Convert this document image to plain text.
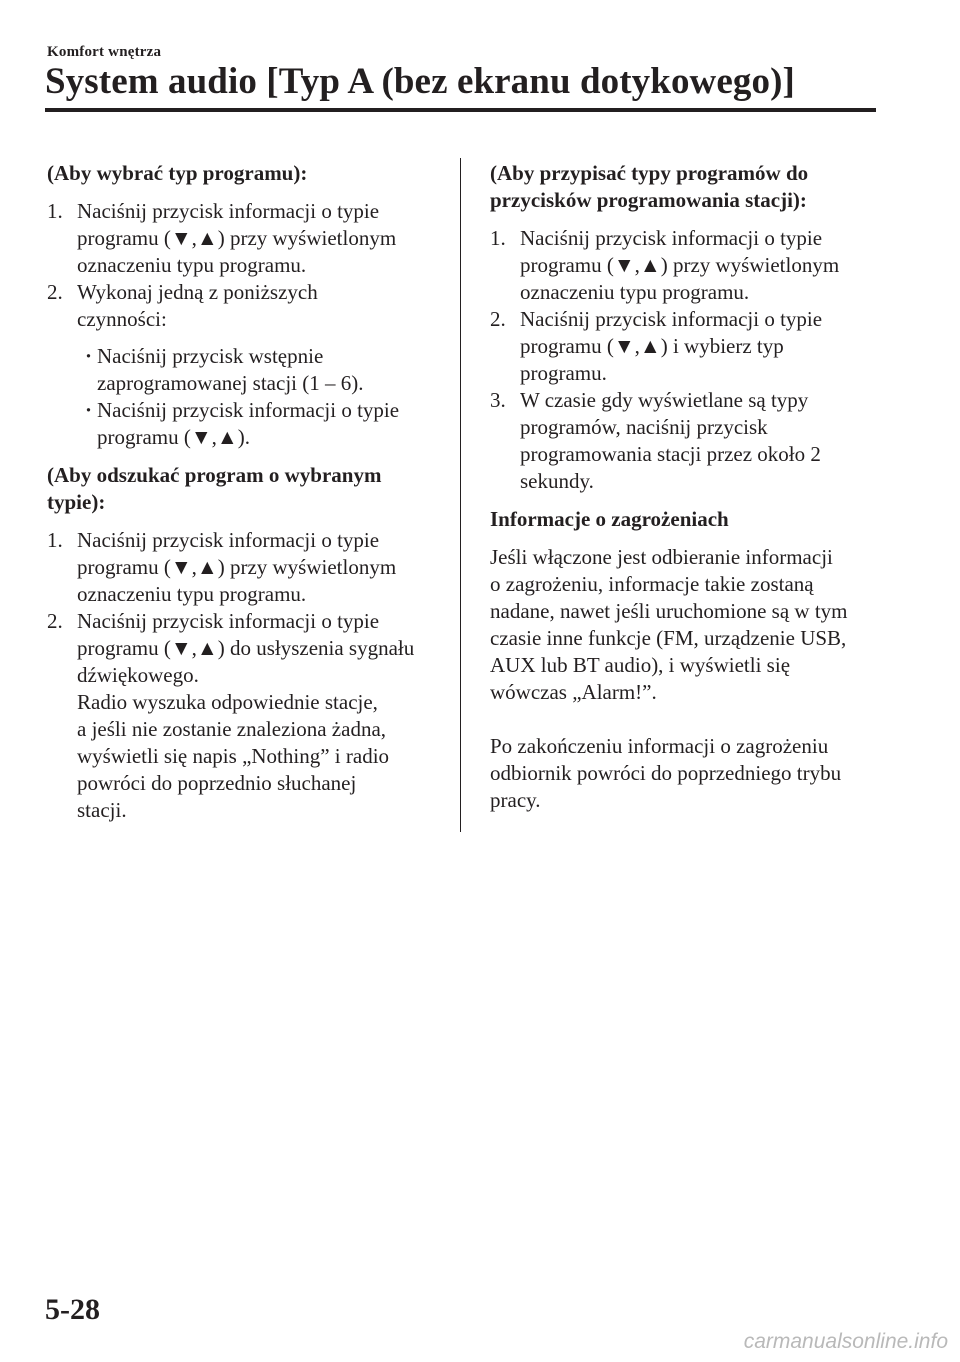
Komfort wnętrza
System audio [Typ A (bez ekranu dotykowego)]
(Aby wybrać typ programu):
1. Naciśnij przycisk informacji o typie
programu (▼,▲) przy wyświetlonym
oznaczeniu typu programu.
2. Wykonaj jedną z poniższych
czynności:
· Naciśnij przycisk wstępnie
zaprogramowanej stacji (1 – 6).
· Naciśnij przycisk informacji o typie
programu (▼,▲).
(Aby odszukać program o wybranym
typie):
1. Naciśnij przycisk informacji o typie
programu (▼,▲) przy wyświetlonym
oznaczeniu typu programu.
2. Naciśnij przycisk informacji o typie
programu (▼,▲) do usłyszenia sygnału
dźwiękowego.
Radio wyszuka odpowiednie stacje,
a jeśli nie zostanie znaleziona żadna,
wyświetli się napis „Nothing” i radio
powróci do poprzednio słuchanej
stacji.
(Aby przypisać typy programów do
przycisków programowania stacji):
1. Naciśnij przycisk informacji o typie
programu (▼,▲) przy wyświetlonym
oznaczeniu typu programu.
2. Naciśnij przycisk informacji o typie
programu (▼,▲) i wybierz typ
programu.
3. W czasie gdy wyświetlane są typy
programów, naciśnij przycisk
programowania stacji przez około 2
sekundy.
Informacje o zagrożeniach
Jeśli włączone jest odbieranie informacji
o zagrożeniu, informacje takie zostaną
nadane, nawet jeśli uruchomione są w tym
czasie inne funkcje (FM, urządzenie USB,
AUX lub BT audio), i wyświetli się
wówczas „Alarm!”.
Po zakończeniu informacji o zagrożeniu
odbiornik powróci do poprzedniego trybu
pracy.
5-28
carmanualsonline.info
